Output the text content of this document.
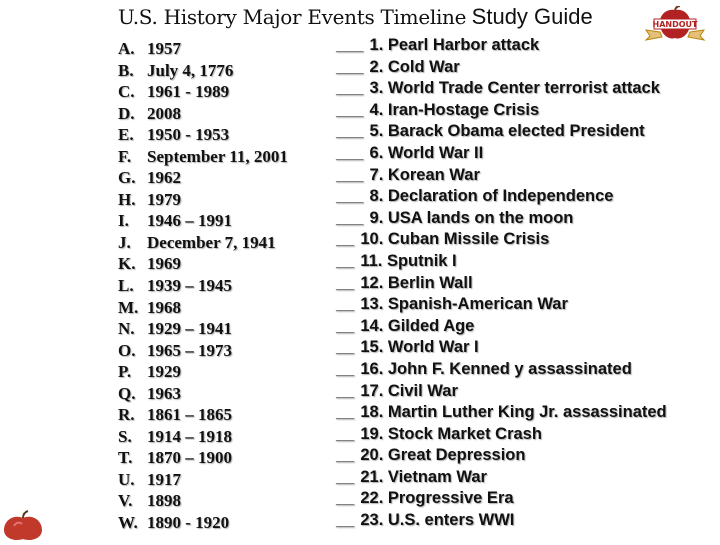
U.S. History Major Events Timeline Study Guide	HANDOUT
A. 1957
B. July 4, 1776
C. 1961 - 1989
D. 2008
E. 1950 - 1953
F. September 11, 2001
G. 1962
H. 1979
I.	1946 – 1991
J. December 7, 1941
K. 1969
L. 1939 – 1945
M. 1968
N. 1929 – 1941
O. 1965 – 1973
P. 1929
Q. 1963
R. 1861 – 1865
S. 1914 – 1918
T. 1870 – 1900
U. 1917
V. 1898
W. 1890 - 1920
___ 1. Pearl Harbor attack
___ 2. Cold War
___ 3. World Trade Center terrorist attack
___ 4. Iran-Hostage Crisis
___ 5. Barack Obama elected President
___ 6. World War II
___ 7. Korean War
___ 8. Declaration of Independence
___ 9. USA lands on the moon
__ 10. Cuban Missile Crisis
__ 11. Sputnik I
__ 12. Berlin Wall
__ 13. Spanish-American War
__ 14. Gilded Age
__ 15. World War I
__ 16. John F. Kenned y assassinated
__ 17. Civil War
__ 18. Martin Luther King Jr. assassinated
__ 19. Stock Market Crash
__ 20. Great Depression
__ 21. Vietnam War
__ 22. Progressive Era
__ 23. U.S. enters WWI
